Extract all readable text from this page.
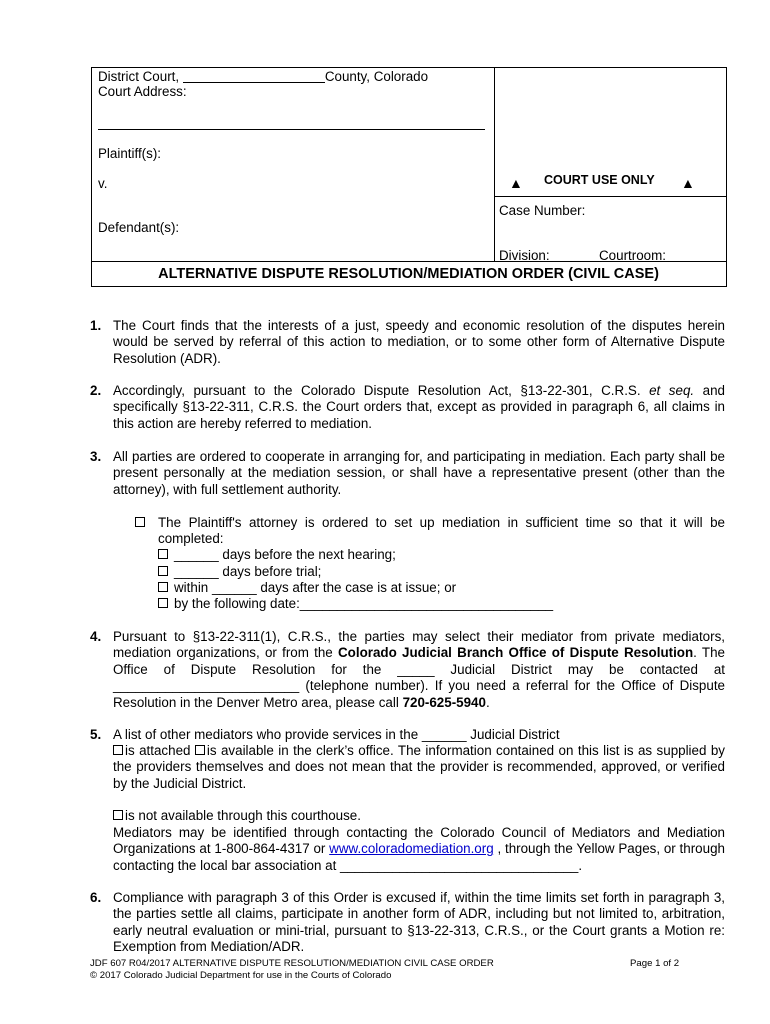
District Court,	County, Colorado
Court Address:
Plaintiff(s):
v.
Defendant(s):
▲ COURT USE ONLY ▲
Case Number:
Division:	Courtroom:
ALTERNATIVE DISPUTE RESOLUTION/MEDIATION ORDER (CIVIL CASE)
1. The Court finds that the interests of a just, speedy and economic resolution of the disputes herein would be served by referral of this action to mediation, or to some other form of Alternative Dispute Resolution (ADR).
2. Accordingly, pursuant to the Colorado Dispute Resolution Act, §13-22-301, C.R.S. et seq. and specifically §13-22-311, C.R.S. the Court orders that, except as provided in paragraph 6, all claims in this action are hereby referred to mediation.
3. All parties are ordered to cooperate in arranging for, and participating in mediation. Each party shall be present personally at the mediation session, or shall have a representative present (other than the attorney), with full settlement authority.
The Plaintiff's attorney is ordered to set up mediation in sufficient time so that it will be completed:
______ days before the next hearing;
______ days before trial;
within ______ days after the case is at issue; or
by the following date:__________________________________
4. Pursuant to §13-22-311(1), C.R.S., the parties may select their mediator from private mediators, mediation organizations, or from the Colorado Judicial Branch Office of Dispute Resolution. The Office of Dispute Resolution for the _____ Judicial District may be contacted at _________________________ (telephone number). If you need a referral for the Office of Dispute Resolution in the Denver Metro area, please call 720-625-5940.
5. A list of other mediators who provide services in the ______ Judicial District
is attached is available in the clerk’s office. The information contained on this list is as supplied by the providers themselves and does not mean that the provider is recommended, approved, or verified by the Judicial District.
is not available through this courthouse.
Mediators may be identified through contacting the Colorado Council of Mediators and Mediation Organizations at 1-800-864-4317 or www.coloradomediation.org , through the Yellow Pages, or through contacting the local bar association at ________________________________.
6. Compliance with paragraph 3 of this Order is excused if, within the time limits set forth in paragraph 3, the parties settle all claims, participate in another form of ADR, including but not limited to, arbitration, early neutral evaluation or mini-trial, pursuant to §13-22-313, C.R.S., or the Court grants a Motion re: Exemption from Mediation/ADR.
JDF 607 R04/2017 ALTERNATIVE DISPUTE RESOLUTION/MEDIATION CIVIL CASE ORDER	Page 1 of 2
© 2017 Colorado Judicial Department for use in the Courts of Colorado
